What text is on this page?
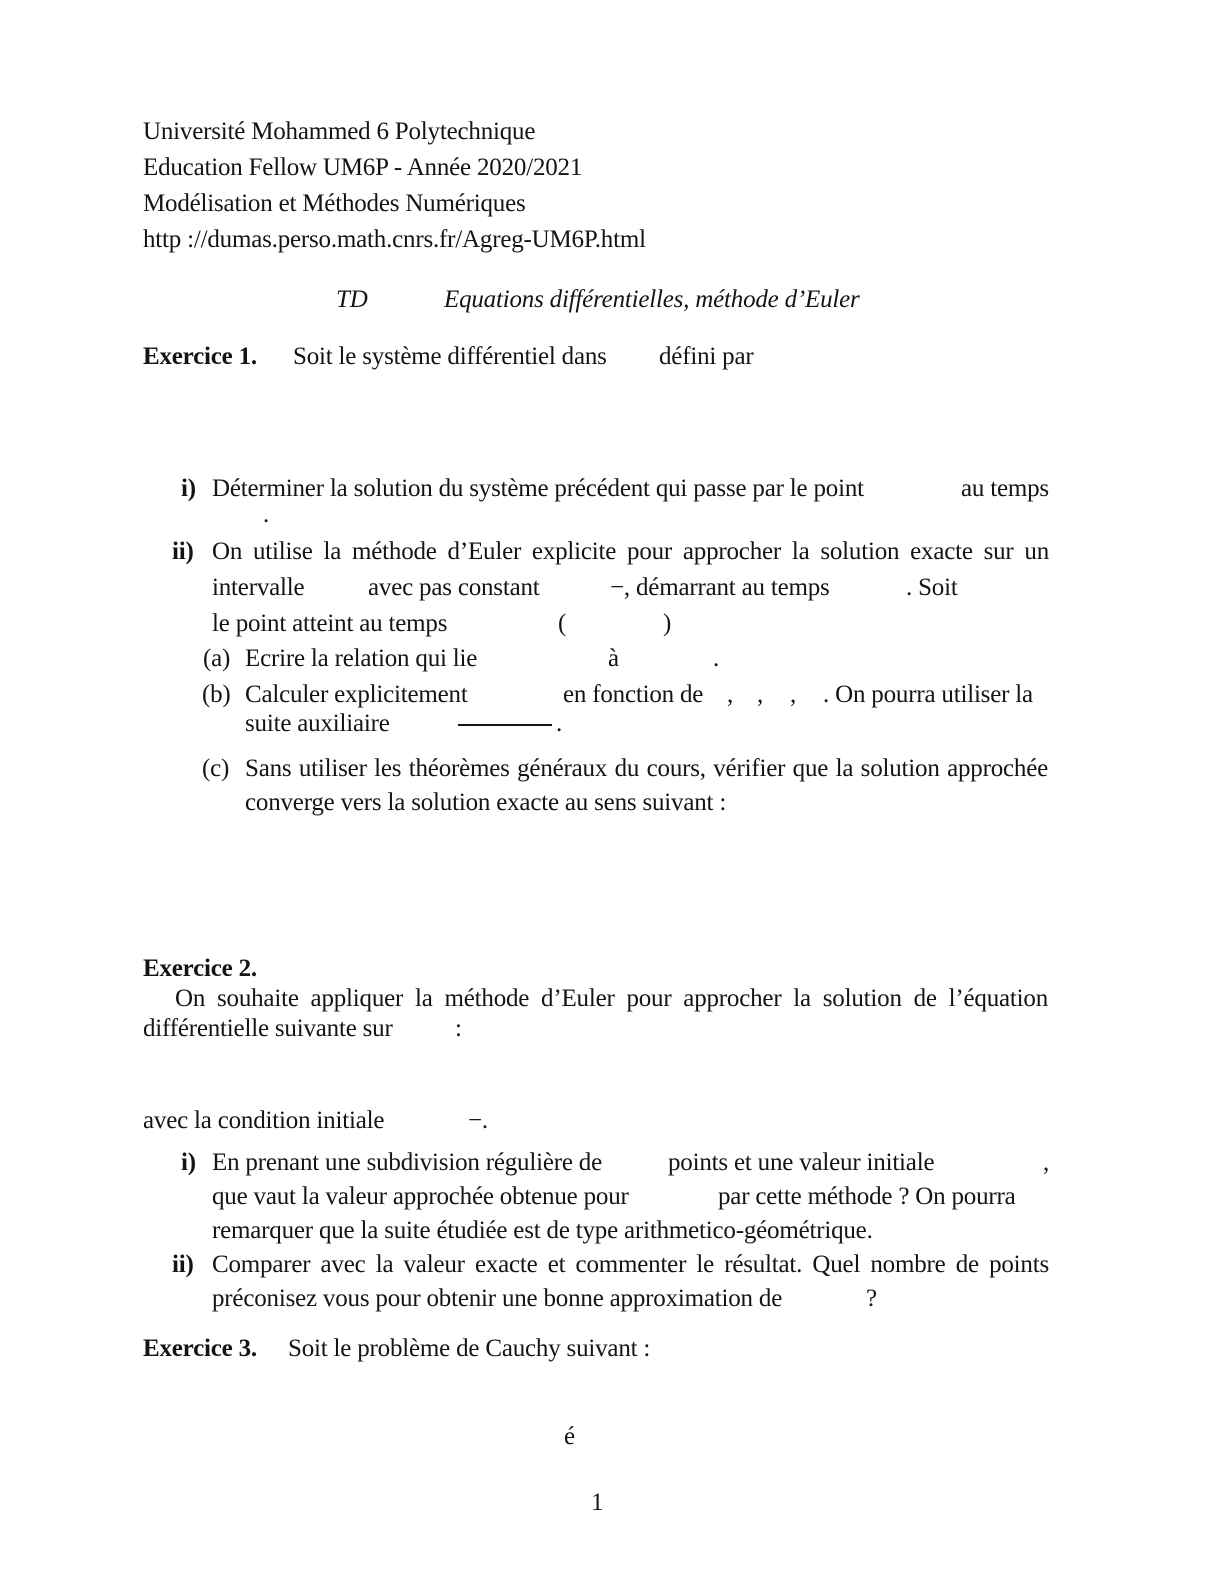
Université Mohammed 6 Polytechnique
Education Fellow UM6P - Année 2020/2021
Modélisation et Méthodes Numériques
http ://dumas.perso.math.cnrs.fr/Agreg-UM6P.html
TD	Equations différentielles, méthode d’Euler
Exercice 1. Soit le système différentiel dans défini par
i) Déterminer la solution du système précédent qui passe par le point	au temps
.
ii) On utilise la méthode d’Euler explicite pour approcher la solution exacte sur un
intervalle	avec pas constant	−, démarrant au temps	. Soit
le point atteint au temps	(	)
(a) Ecrire la relation qui lie	à	.
(b) Calculer explicitement	en fonction de , , , . On pourra utiliser la
suite auxiliaire	.
(c) Sans utiliser les théorèmes généraux du cours, vérifier que la solution approchée
converge vers la solution exacte au sens suivant :
Exercice 2.
On souhaite appliquer la méthode d’Euler pour approcher la solution de l’équation
différentielle suivante sur :
avec la condition initiale	−.
i) En prenant une subdivision régulière de	points et une valeur initiale	,
que vaut la valeur approchée obtenue pour	par cette méthode ? On pourra
remarquer que la suite étudiée est de type arithmetico-géométrique.
ii) Comparer avec la valeur exacte et commenter le résultat. Quel nombre de points
préconisez vous pour obtenir une bonne approximation de	?
Exercice 3. Soit le problème de Cauchy suivant :
é
1
